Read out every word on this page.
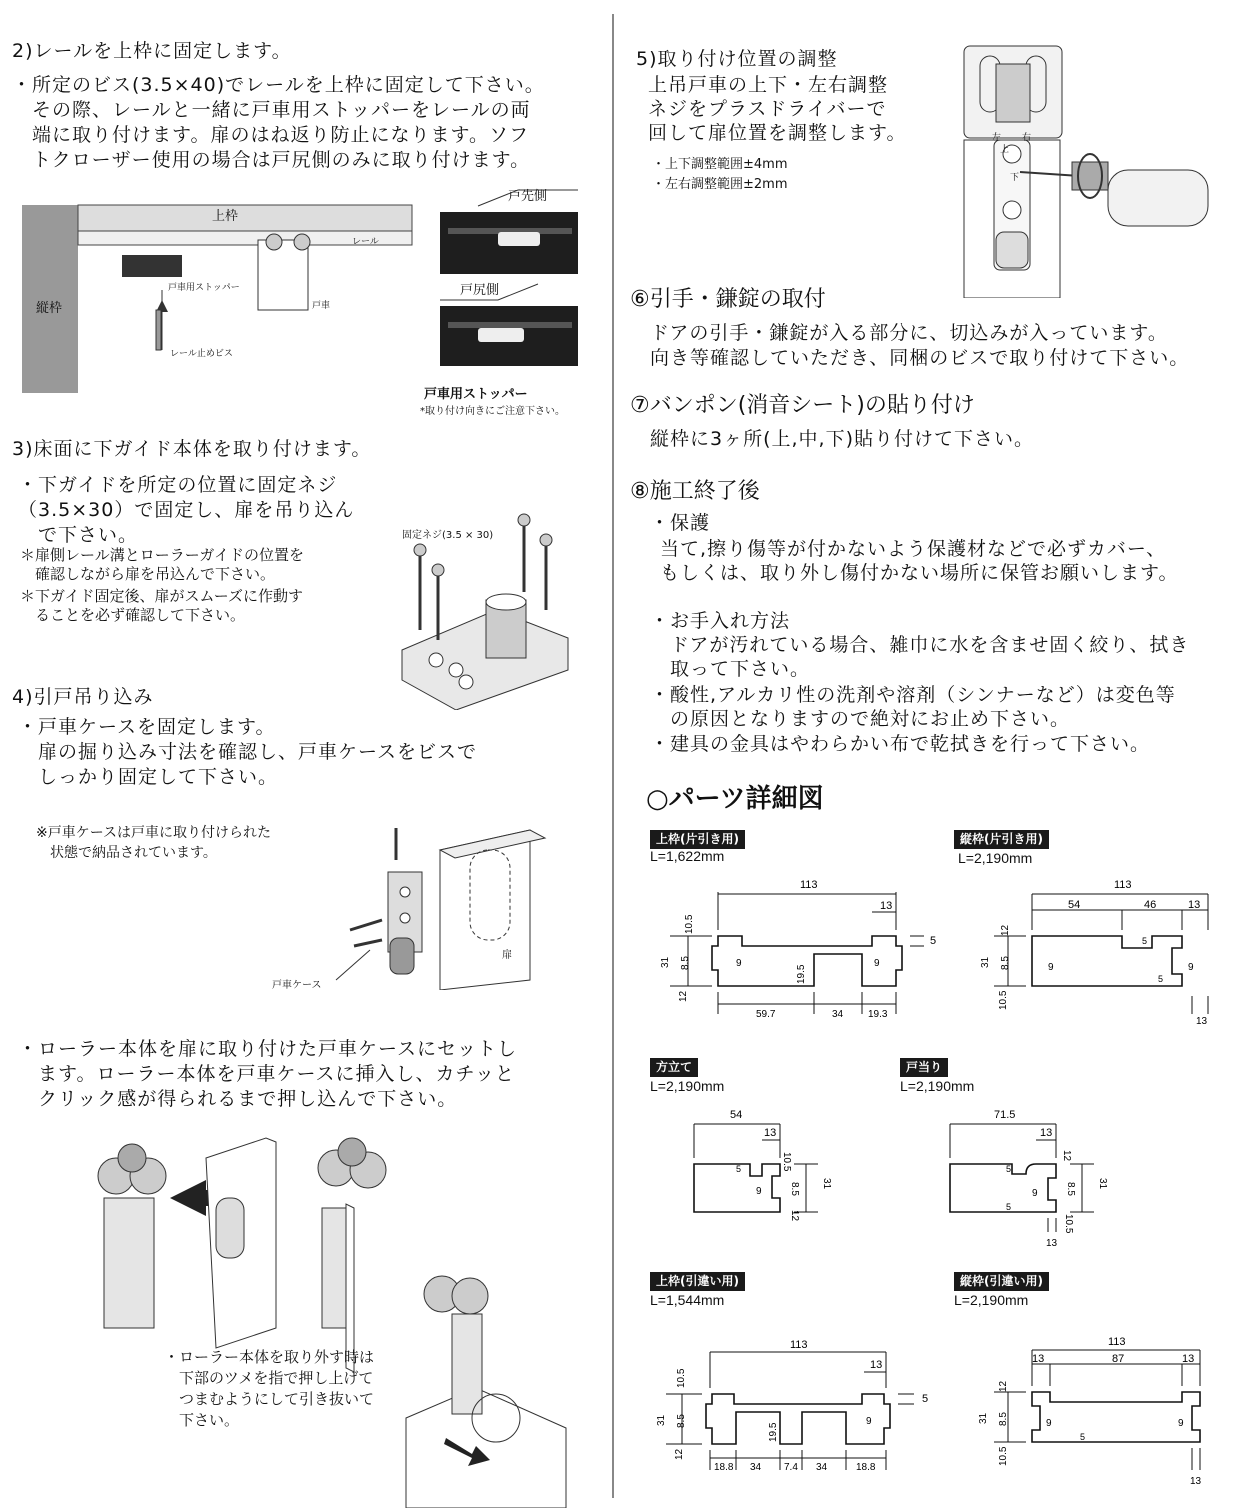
2)レールを上枠に固定します。
・所定のビス(3.5×40)でレールを上枠に固定して下さい。
　その際、レールと一緒に戸車用ストッパーをレールの両
　端に取り付けます。扉のはね返り防止になります。ソフ
　トクローザー使用の場合は戸尻側のみに取り付けます。
上枠
レール
縦枠
戸車用ストッパー
戸車
レール止めビス
戸先側
戸尻側
戸車用ストッパー
*取り付け向きにご注意下さい。
3)床面に下ガイド本体を取り付けます。
・下ガイドを所定の位置に固定ネジ
（3.5×30）で固定し、扉を吊り込ん
　で下さい。
＊扉側レール溝とローラーガイドの位置を
　確認しながら扉を吊込んで下さい。
＊下ガイド固定後、扉がスムーズに作動す
　ることを必ず確認して下さい。
固定ネジ(3.5 × 30)
4)引戸吊り込み
・戸車ケースを固定します。
　扉の掘り込み寸法を確認し、戸車ケースをビスで
　しっかり固定して下さい。
※戸車ケースは戸車に取り付けられた
　状態で納品されています。
戸車ケース
扉
・ローラー本体を扉に取り付けた戸車ケースにセットし
　ます。ローラー本体を戸車ケースに挿入し、カチッと
　クリック感が得られるまで押し込んで下さい。
・ローラー本体を取り外す時は
　下部のツメを指で押し上げて
　つまむようにして引き抜いて
　下さい。
5)取り付け位置の調整
上吊戸車の上下・左右調整
ネジをプラスドライバーで
回して扉位置を調整します。
・上下調整範囲±4mm
・左右調整範囲±2mm
左 右
上
下
⑥引手・鎌錠の取付
ドアの引手・鎌錠が入る部分に、切込みが入っています。
向き等確認していただき、同梱のビスで取り付けて下さい。
⑦バンポン(消音シート)の貼り付け
縦枠に3ヶ所(上,中,下)貼り付けて下さい。
⑧施工終了後
・保護
当て,擦り傷等が付かないよう保護材などで必ずカバー、
もしくは、取り外し傷付かない場所に保管お願いします。
・お手入れ方法
　ドアが汚れている場合、雑巾に水を含ませ固く絞り、拭き
　取って下さい。
・酸性,アルカリ性の洗剤や溶剤（シンナーなど）は変色等
　の原因となりますので絶対にお止め下さい。
・建具の金具はやわらかい布で乾拭きを行って下さい。
○パーツ詳細図
上枠(片引き用)
L=1,622mm
113
13
5
10.5
8.5
12
31	9
19.5
9
59.7	34 19.3
縦枠(片引き用)
L=2,190mm
113
54	46	13
12
8.5
10.5
31	9
5
5
9
13
方立て
L=2,190mm
54
13
5
9
10.5
8.5
12
31
戸当り
L=2,190mm
71.5
13
5
5
9
12
8.5
10.5
31
13
上枠(引違い用)
L=1,544mm
113
13
5
10.5
8.5
12
31	9
19.5
18.8 34 7.4 34	18.8
縦枠(引違い用)
L=2,190mm
113
13	87	13
12
8.5
10.5
31	9	9
5
13
